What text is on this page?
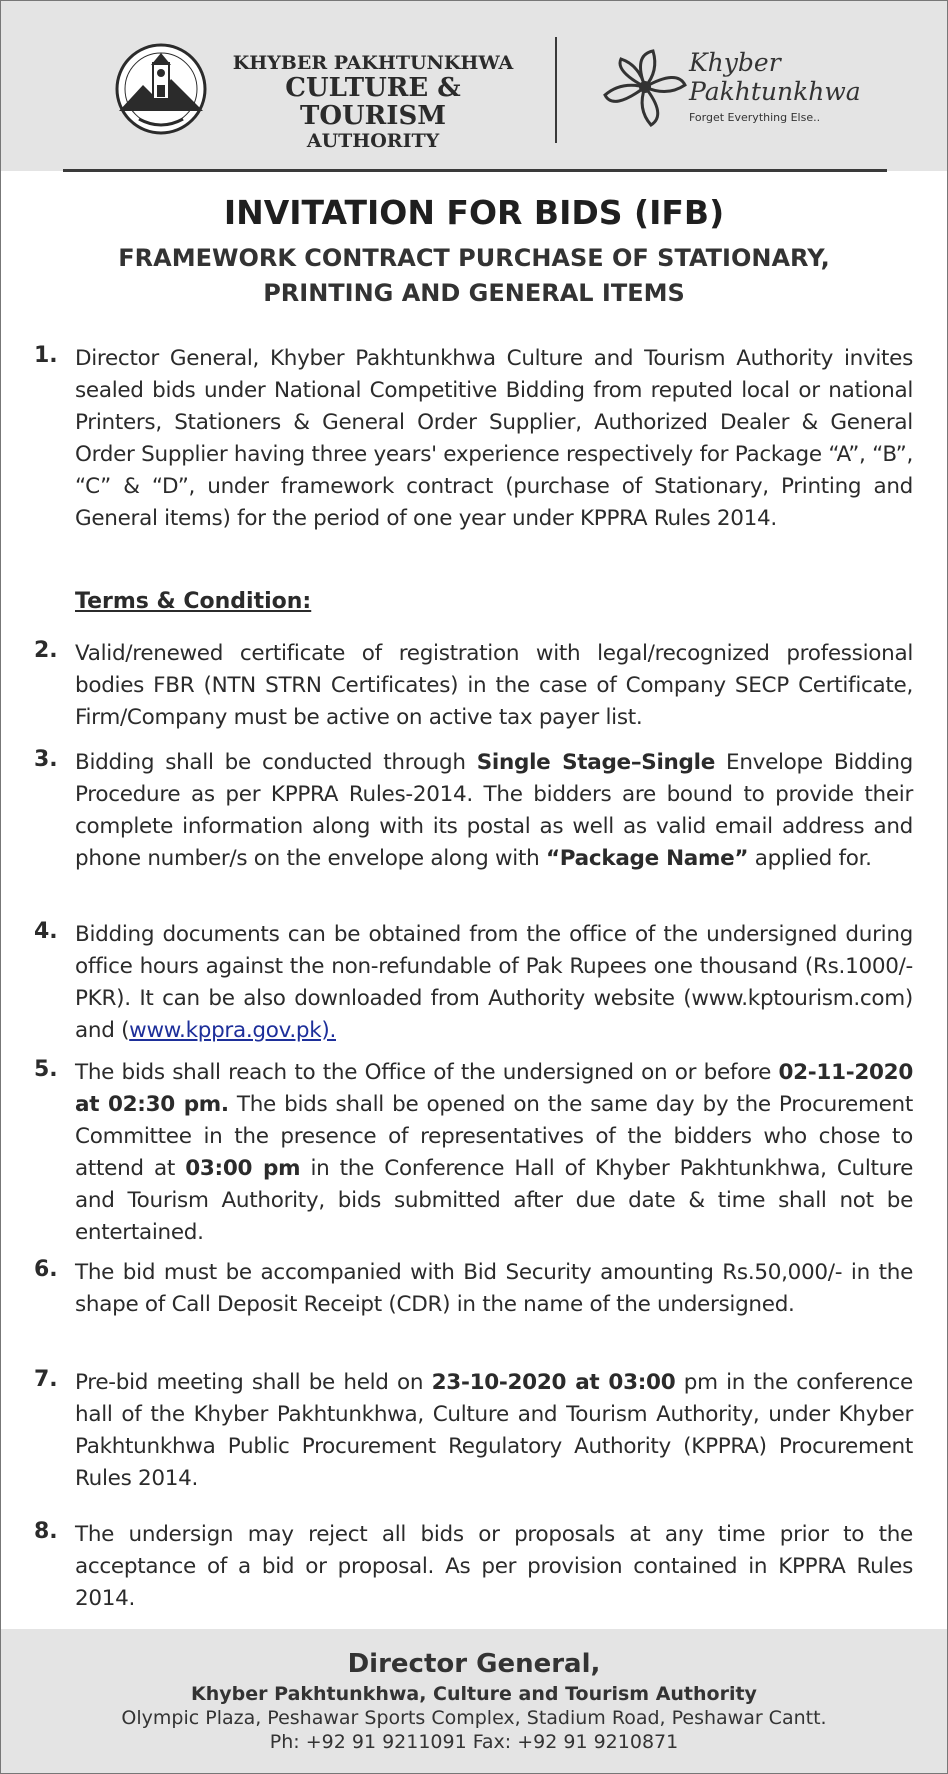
KHYBER PAKHTUNKHWA
CULTURE & TOURISM
AUTHORITY
Khyber
Pakhtunkhwa
Forget Everything Else..
INVITATION FOR BIDS (IFB)
FRAMEWORK CONTRACT PURCHASE OF STATIONARY,
PRINTING AND GENERAL ITEMS
1. Director General, Khyber Pakhtunkhwa Culture and Tourism Authority invites sealed bids under National Competitive Bidding from reputed local or national Printers, Stationers & General Order Supplier, Authorized Dealer & General Order Supplier having three years' experience respectively for Package “A”, “B”, “C” & “D”, under framework contract (purchase of Stationary, Printing and General items) for the period of one year under KPPRA Rules 2014.
Terms & Condition:
2. Valid/renewed certificate of registration with legal/recognized professional bodies FBR (NTN STRN Certificates) in the case of Company SECP Certificate, Firm/Company must be active on active tax payer list.
3. Bidding shall be conducted through Single Stage–Single Envelope Bidding Procedure as per KPPRA Rules-2014. The bidders are bound to provide their complete information along with its postal as well as valid email address and phone number/s on the envelope along with “Package Name” applied for.
4. Bidding documents can be obtained from the office of the undersigned during office hours against the non-refundable of Pak Rupees one thousand (Rs.1000/-PKR). It can be also downloaded from Authority website (www.kptourism.com) and (www.kppra.gov.pk).
5. The bids shall reach to the Office of the undersigned on or before 02-11-2020 at 02:30 pm. The bids shall be opened on the same day by the Procurement Committee in the presence of representatives of the bidders who chose to attend at 03:00 pm in the Conference Hall of Khyber Pakhtunkhwa, Culture and Tourism Authority, bids submitted after due date & time shall not be entertained.
6. The bid must be accompanied with Bid Security amounting Rs.50,000/- in the shape of Call Deposit Receipt (CDR) in the name of the undersigned.
7. Pre-bid meeting shall be held on 23-10-2020 at 03:00 pm in the conference hall of the Khyber Pakhtunkhwa, Culture and Tourism Authority, under Khyber Pakhtunkhwa Public Procurement Regulatory Authority (KPPRA) Procurement Rules 2014.
8. The undersign may reject all bids or proposals at any time prior to the acceptance of a bid or proposal. As per provision contained in KPPRA Rules 2014.
Director General,
Khyber Pakhtunkhwa, Culture and Tourism Authority
Olympic Plaza, Peshawar Sports Complex, Stadium Road, Peshawar Cantt.
Ph: +92 91 9211091 Fax: +92 91 9210871
